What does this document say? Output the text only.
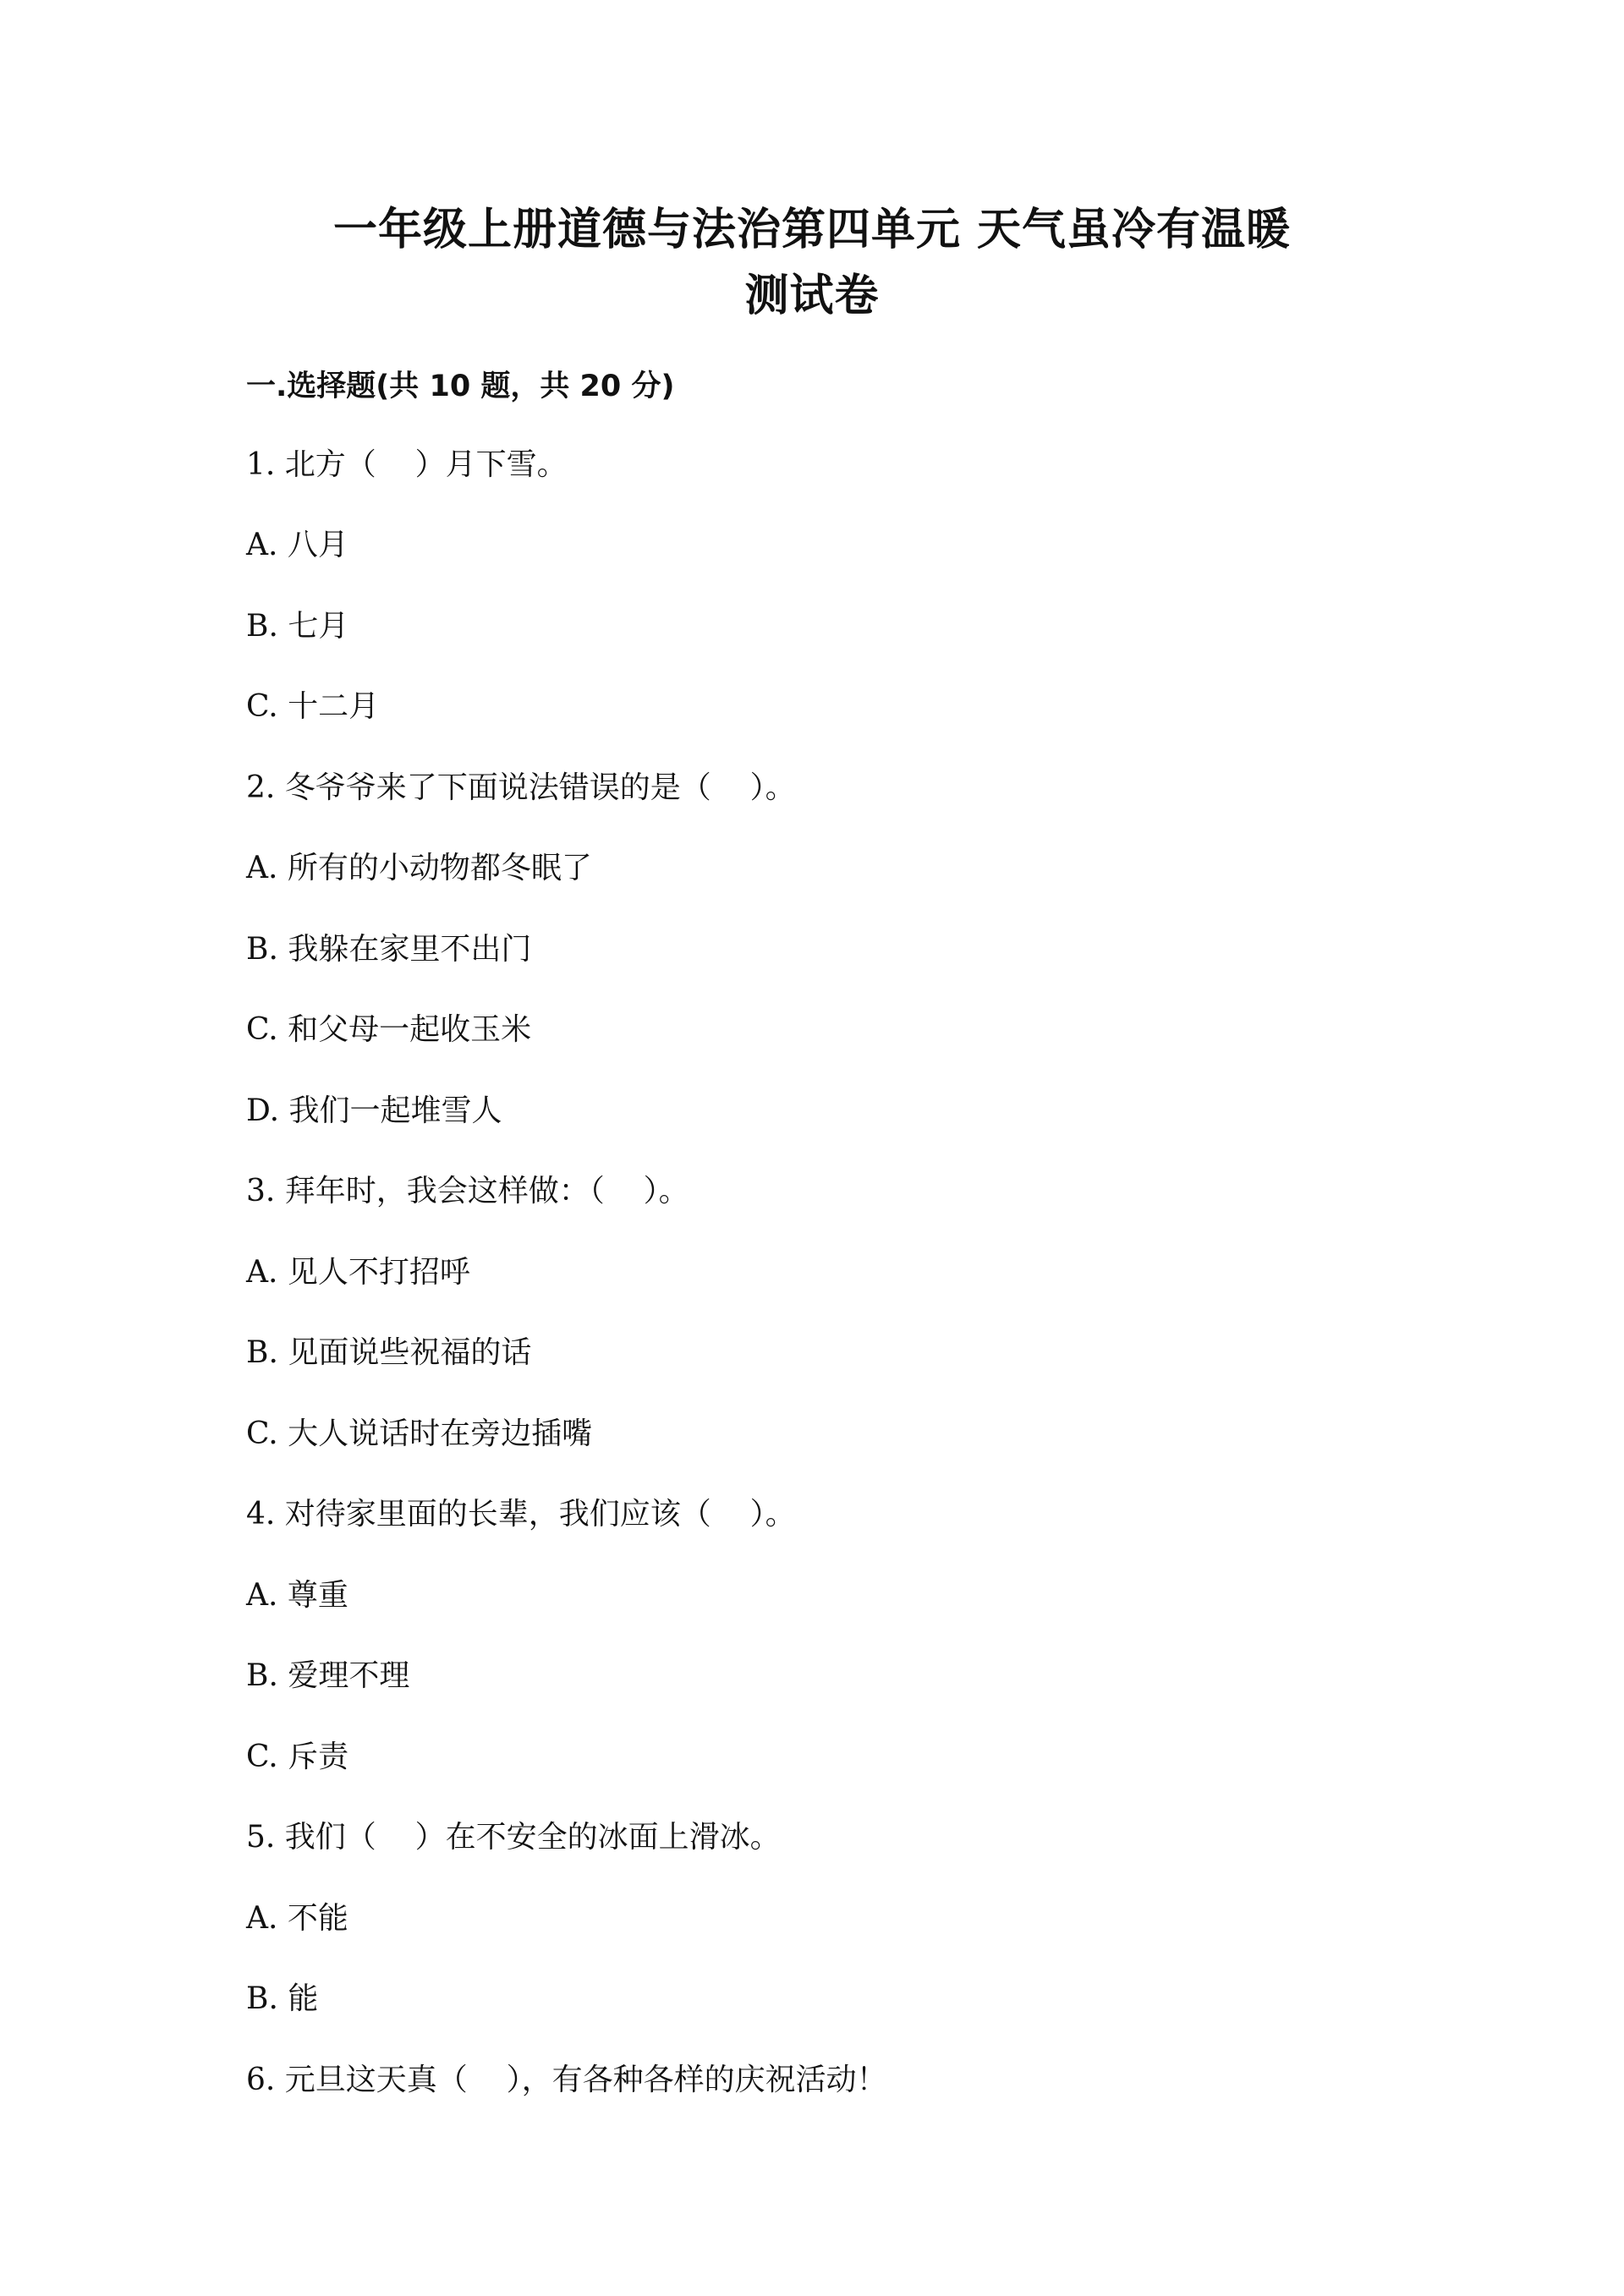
一年级上册道德与法治第四单元 天气虽冷有温暖
测试卷
一.选择题(共 10 题，共 20 分)
1. 北方（    ）月下雪。
A. 八月
B. 七月
C. 十二月
2. 冬爷爷来了下面说法错误的是（    ）。
A. 所有的小动物都冬眠了
B. 我躲在家里不出门
C. 和父母一起收玉米
D. 我们一起堆雪人
3. 拜年时，我会这样做：（    ）。
A. 见人不打招呼
B. 见面说些祝福的话
C. 大人说话时在旁边插嘴
4. 对待家里面的长辈，我们应该（    ）。
A. 尊重
B. 爱理不理
C. 斥责
5. 我们（    ）在不安全的冰面上滑冰。
A. 不能
B. 能
6. 元旦这天真（    ），有各种各样的庆祝活动！
